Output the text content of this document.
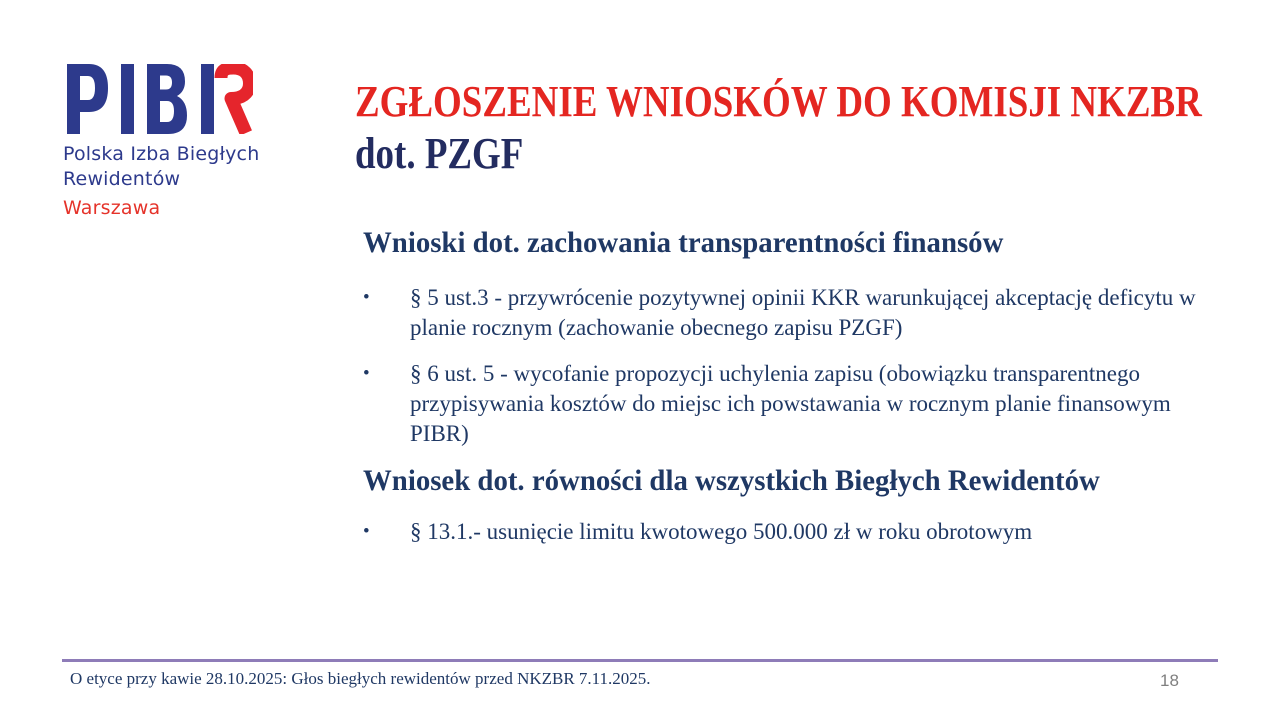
Polska Izba Biegłych
Rewidentów
Warszawa
ZGŁOSZENIE WNIOSKÓW DO KOMISJI NKZBR
dot. PZGF
Wnioski dot. zachowania transparentności finansów
•	§ 5 ust.3 - przywrócenie pozytywnej opinii KKR warunkującej akceptację deficytu w planie rocznym (zachowanie obecnego zapisu PZGF)
•	§ 6 ust. 5 - wycofanie propozycji uchylenia zapisu (obowiązku transparentnego przypisywania kosztów do miejsc ich powstawania w rocznym planie finansowym PIBR)
Wniosek dot. równości dla wszystkich Biegłych Rewidentów
•	§ 13.1.- usunięcie limitu kwotowego 500.000 zł w roku obrotowym
O etyce przy kawie 28.10.2025: Głos biegłych rewidentów przed NKZBR 7.11.2025.	18
